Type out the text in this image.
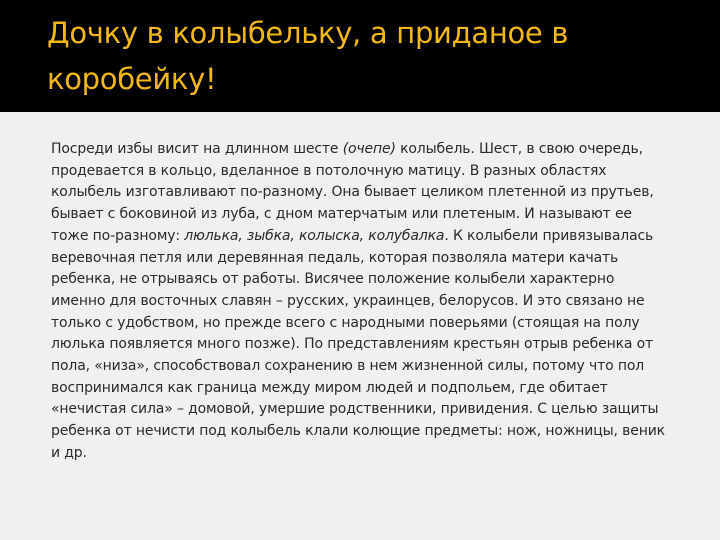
Дочку в колыбельку, а приданое в коробейку!

Посреди избы висит на длинном шесте (очепе) колыбель. Шест, в свою очередь, продевается в кольцо, вделанное в потолочную матицу. В разных областях колыбель изготавливают по-разному. Она бывает целиком плетенной из прутьев, бывает с боковиной из луба, с дном матерчатым или плетеным. И называют ее тоже по-разному: люлька, зыбка, колыска, колубалка. К колыбели привязывалась веревочная петля или деревянная педаль, которая позволяла матери качать ребенка, не отрываясь от работы. Висячее положение колыбели характерно именно для восточных славян – русских, украинцев, белорусов. И это связано не только с удобством, но прежде всего с народными поверьями (стоящая на полу люлька появляется много позже). По представлениям крестьян отрыв ребенка от пола, «низа», способствовал сохранению в нем жизненной силы, потому что пол воспринимался как граница между миром людей и подпольем, где обитает «нечистая сила» – домовой, умершие родственники, привидения. С целью защиты ребенка от нечисти под колыбель клали колющие предметы: нож, ножницы, веник и др.
